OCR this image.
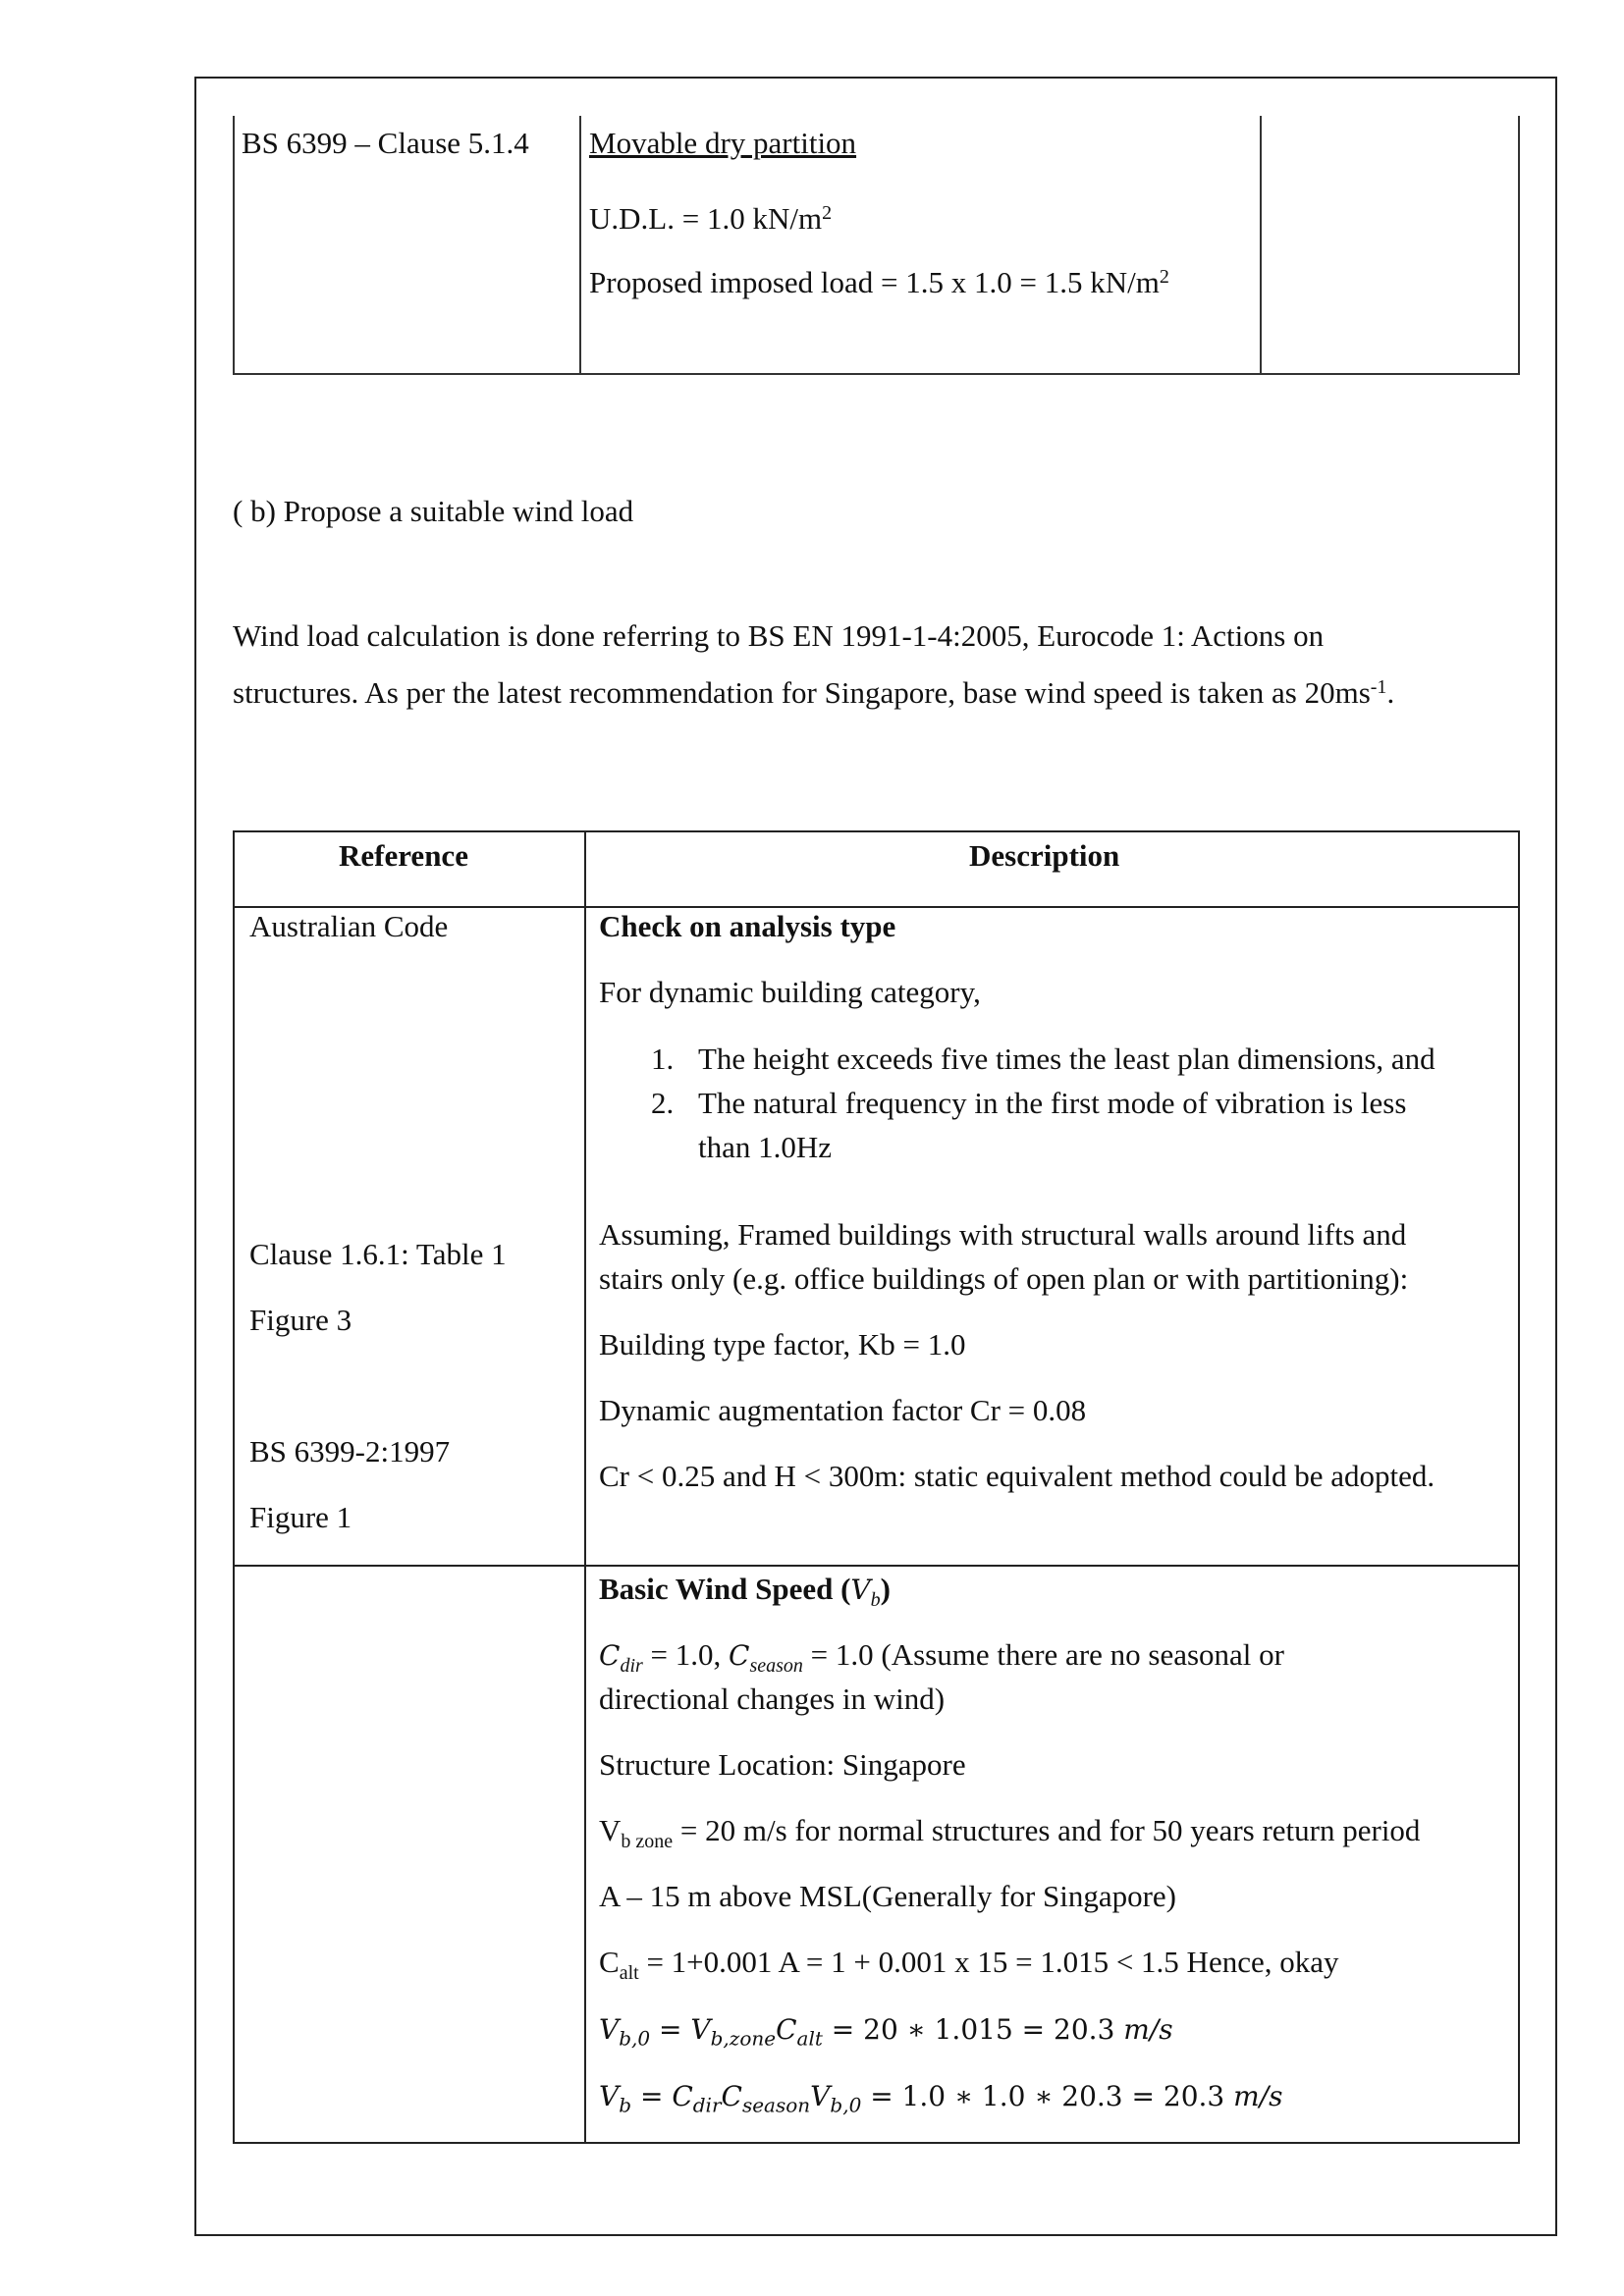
BS 6399 – Clause 5.1.4 Movable dry partition
U.D.L. = 1.0 $kN/m^2$
Proposed imposed load = 1.5 x 1.0 = 1.5 $kN/m^2$
( b) Propose a suitable wind load
Wind load calculation is done referring to BS EN 1991-1-4:2005, Eurocode 1: Actions on
structures. As per the latest recommendation for Singapore, base wind speed is taken as $20ms^{-1}$.
Reference	Description
Australian Code
Clause 1.6.1: Table 1
Figure 3
BS 6399-2:1997
Figure 1
Check on analysis type
For dynamic building category,
1. The height exceeds five times the least plan dimensions, and
2. The natural frequency in the first mode of vibration is less
than 1.0Hz
Assuming, Framed buildings with structural walls around lifts and
stairs only (e.g. office buildings of open plan or with partitioning):
Building type factor, Kb = 1.0
Dynamic augmentation factor Cr = 0.08
Cr < 0.25 and H < 300m: static equivalent method could be adopted.
Basic Wind Speed $(V_b)$
$C_{dir} = 1.0$, $C_{season} = 1.0$ (Assume there are no seasonal or
directional changes in wind)
Structure Location: Singapore
$V_{b zone} = 20$ m/s for normal structures and for 50 years return period
A – 15 m above MSL(Generally for Singapore)
$C_{alt} = 1+0.001$ A = 1 + 0.001 x 15 = 1.015 < 1.5 Hence, okay
$V_{b,0} = V_{b,zone}C_{alt} = 20$ ∗ 1.015 = 20.3 m/s
$V_b = C_{dir}C_{season}V_{b,0} = 1.0$ ∗ 1.0 ∗ 20.3 = 20.3 m/s
